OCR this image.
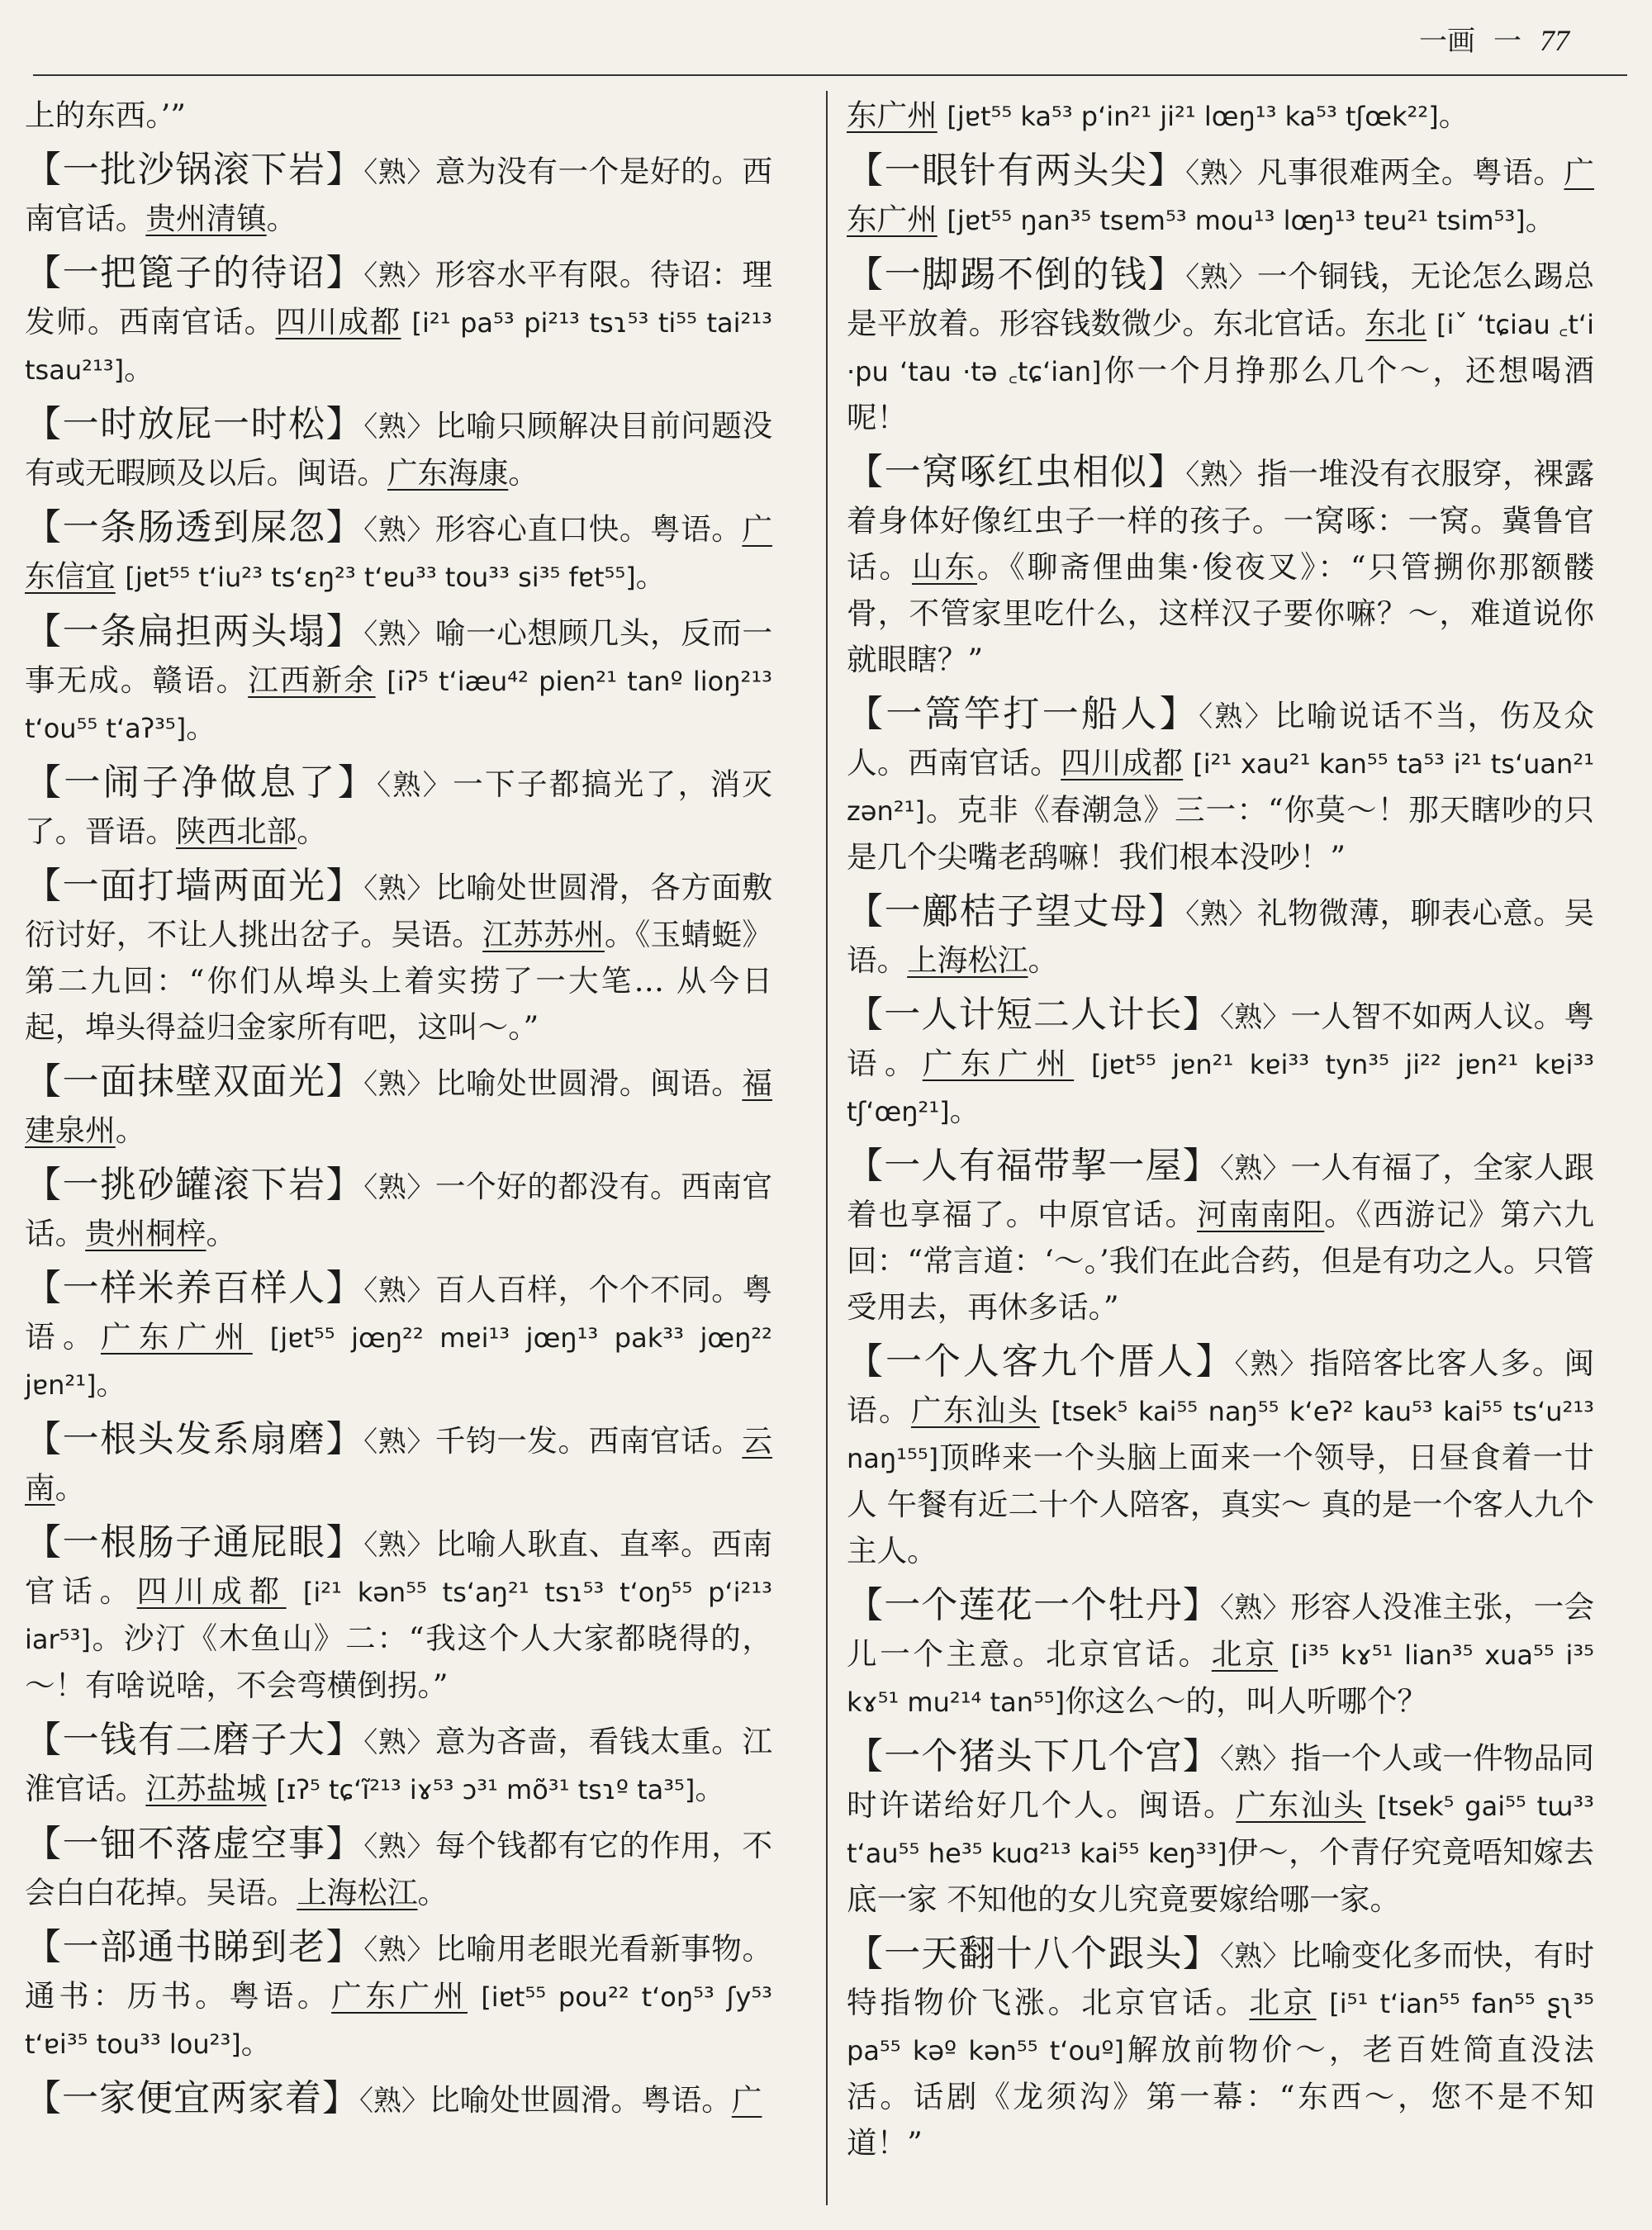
一画 一 77
上的东西。’”
【一批沙锅滚下岩】〈熟〉意为没有一个是好的。西南官话。贵州清镇。
【一把篦子的待诏】〈熟〉形容水平有限。待诏：理发师。西南官话。四川成都 [i²¹ pa⁵³ pi²¹³ tsɿ⁵³ ti⁵⁵ tai²¹³ tsau²¹³]。
【一时放屁一时松】〈熟〉比喻只顾解决目前问题没有或无暇顾及以后。闽语。广东海康。
【一条肠透到屎忽】〈熟〉形容心直口快。粤语。广东信宜 [jɐt⁵⁵ tʻiu²³ tsʻɛŋ²³ tʻɐu³³ tou³³ si³⁵ fɐt⁵⁵]。
【一条扁担两头塌】〈熟〉喻一心想顾几头，反而一事无成。赣语。江西新余 [iʔ⁵ tʻiæu⁴² pien²¹ tanº lioŋ²¹³ tʻou⁵⁵ tʻaʔ³⁵]。
【一闹子净做息了】〈熟〉一下子都搞光了，消灭了。晋语。陕西北部。
【一面打墙两面光】〈熟〉比喻处世圆滑，各方面敷衍讨好，不让人挑出岔子。吴语。江苏苏州。《玉蜻蜓》第二九回：“你们从埠头上着实捞了一大笔… 从今日起，埠头得益归金家所有吧，这叫～。”
【一面抹壁双面光】〈熟〉比喻处世圆滑。闽语。福建泉州。
【一挑砂罐滚下岩】〈熟〉一个好的都没有。西南官话。贵州桐梓。
【一样米养百样人】〈熟〉百人百样，个个不同。粤语。广东广州 [jɐt⁵⁵ jœŋ²² mɐi¹³ jœŋ¹³ pak³³ jœŋ²² jɐn²¹]。
【一根头发系扇磨】〈熟〉千钧一发。西南官话。云南。
【一根肠子通屁眼】〈熟〉比喻人耿直、直率。西南官话。四川成都 [i²¹ kən⁵⁵ tsʻaŋ²¹ tsɿ⁵³ tʻoŋ⁵⁵ pʻi²¹³ iar⁵³]。沙汀《木鱼山》二：“我这个人大家都晓得的，～！有啥说啥，不会弯横倒拐。”
【一钱有二磨子大】〈熟〉意为吝啬，看钱太重。江淮官话。江苏盐城 [ɪʔ⁵ tɕʻĩ²¹³ iɤ⁵³ ɔ³¹ mõ³¹ tsɿº ta³⁵]。
【一钿不落虚空事】〈熟〉每个钱都有它的作用，不会白白花掉。吴语。上海松江。
【一部通书睇到老】〈熟〉比喻用老眼光看新事物。通书：历书。粤语。广东广州 [iɐt⁵⁵ pou²² tʻoŋ⁵³ ʃy⁵³ tʻɐi³⁵ tou³³ lou²³]。
【一家便宜两家着】〈熟〉比喻处世圆滑。粤语。广
东广州 [jɐt⁵⁵ ka⁵³ pʻin²¹ ji²¹ lœŋ¹³ ka⁵³ tʃœk²²]。
【一眼针有两头尖】〈熟〉凡事很难两全。粤语。广东广州 [jɐt⁵⁵ ŋan³⁵ tsɐm⁵³ mou¹³ lœŋ¹³ tɐu²¹ tsim⁵³]。
【一脚踢不倒的钱】〈熟〉一个铜钱，无论怎么踢总是平放着。形容钱数微少。东北官话。东北 [iˇ ʻtɕiau ꜀tʻi ·pu ʻtau ·tə ꜀tɕʻian]你一个月挣那么几个～，还想喝酒呢！
【一窝啄红虫相似】〈熟〉指一堆没有衣服穿，裸露着身体好像红虫子一样的孩子。一窝啄：一窝。冀鲁官话。山东。《聊斋俚曲集·俊夜叉》：“只管搠你那额髅骨，不管家里吃什么，这样汉子要你嘛？～，难道说你就眼瞎？”
【一篙竿打一船人】〈熟〉比喻说话不当，伤及众人。西南官话。四川成都 [i²¹ xau²¹ kan⁵⁵ ta⁵³ i²¹ tsʻuan²¹ zən²¹]。克非《春潮急》三一：“你莫～！那天瞎吵的只是几个尖嘴老鸹嘛！我们根本没吵！”
【一鄺桔子望丈母】〈熟〉礼物微薄，聊表心意。吴语。上海松江。
【一人计短二人计长】〈熟〉一人智不如两人议。粤语。广东广州 [jɐt⁵⁵ jɐn²¹ kɐi³³ tyn³⁵ ji²² jɐn²¹ kɐi³³ tʃʻœŋ²¹]。
【一人有福带挈一屋】〈熟〉一人有福了，全家人跟着也享福了。中原官话。河南南阳。《西游记》第六九回：“常言道：‘～。’我们在此合药，但是有功之人。只管受用去，再休多话。”
【一个人客九个厝人】〈熟〉指陪客比客人多。闽语。广东汕头 [tsek⁵ kai⁵⁵ naŋ⁵⁵ kʻeʔ² kau⁵³ kai⁵⁵ tsʻu²¹³ naŋ¹⁵⁵]顶晔来一个头脑上面来一个领导，日昼食着一廿人 午餐有近二十个人陪客，真实～ 真的是一个客人九个主人。
【一个莲花一个牡丹】〈熟〉形容人没准主张，一会儿一个主意。北京官话。北京 [i³⁵ kɤ⁵¹ lian³⁵ xua⁵⁵ i³⁵ kɤ⁵¹ mu²¹⁴ tan⁵⁵]你这么～的，叫人听哪个？
【一个猪头下几个宫】〈熟〉指一个人或一件物品同时许诺给好几个人。闽语。广东汕头 [tsek⁵ gai⁵⁵ tɯ³³ tʻau⁵⁵ he³⁵ kuɑ²¹³ kai⁵⁵ keŋ³³]伊～，个青仔究竟唔知嫁去底一家 不知他的女儿究竟要嫁给哪一家。
【一天翻十八个跟头】〈熟〉比喻变化多而快，有时特指物价飞涨。北京官话。北京 [i⁵¹ tʻian⁵⁵ fan⁵⁵ ʂʅ³⁵ pa⁵⁵ kəº kən⁵⁵ tʻouº]解放前物价～，老百姓简直没法活。话剧《龙须沟》第一幕：“东西～，您不是不知道！”
